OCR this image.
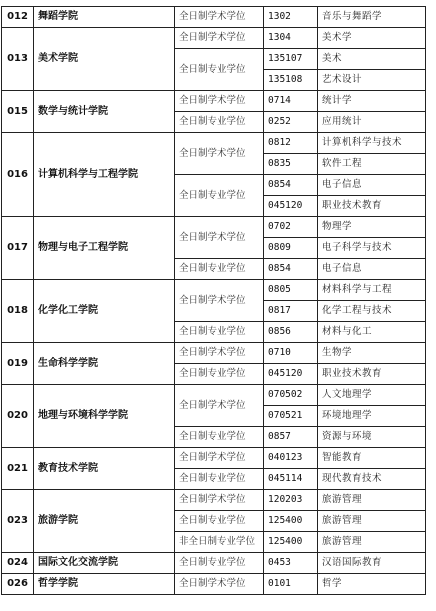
012	舞蹈学院	全日制学术学位	1302	音乐与舞蹈学
013	美术学院	全日制学术学位	1304	美术学
		全日制专业学位	135107	美术
			135108	艺术设计
015	数学与统计学院	全日制学术学位	0714	统计学
		全日制专业学位	0252	应用统计
016	计算机科学与工程学院	全日制学术学位	0812	计算机科学与技术
			0835	软件工程
		全日制专业学位	0854	电子信息
			045120	职业技术教育
017	物理与电子工程学院	全日制学术学位	0702	物理学
			0809	电子科学与技术
		全日制专业学位	0854	电子信息
018	化学化工学院	全日制学术学位	0805	材料科学与工程
			0817	化学工程与技术
		全日制专业学位	0856	材料与化工
019	生命科学学院	全日制学术学位	0710	生物学
		全日制专业学位	045120	职业技术教育
020	地理与环境科学学院	全日制学术学位	070502	人文地理学
			070521	环境地理学
		全日制专业学位	0857	资源与环境
021	教育技术学院	全日制学术学位	040123	智能教育
		全日制专业学位	045114	现代教育技术
023	旅游学院	全日制学术学位	120203	旅游管理
		全日制专业学位	125400	旅游管理
		非全日制专业学位	125400	旅游管理
024	国际文化交流学院	全日制专业学位	0453	汉语国际教育
026	哲学学院	全日制学术学位	0101	哲学
